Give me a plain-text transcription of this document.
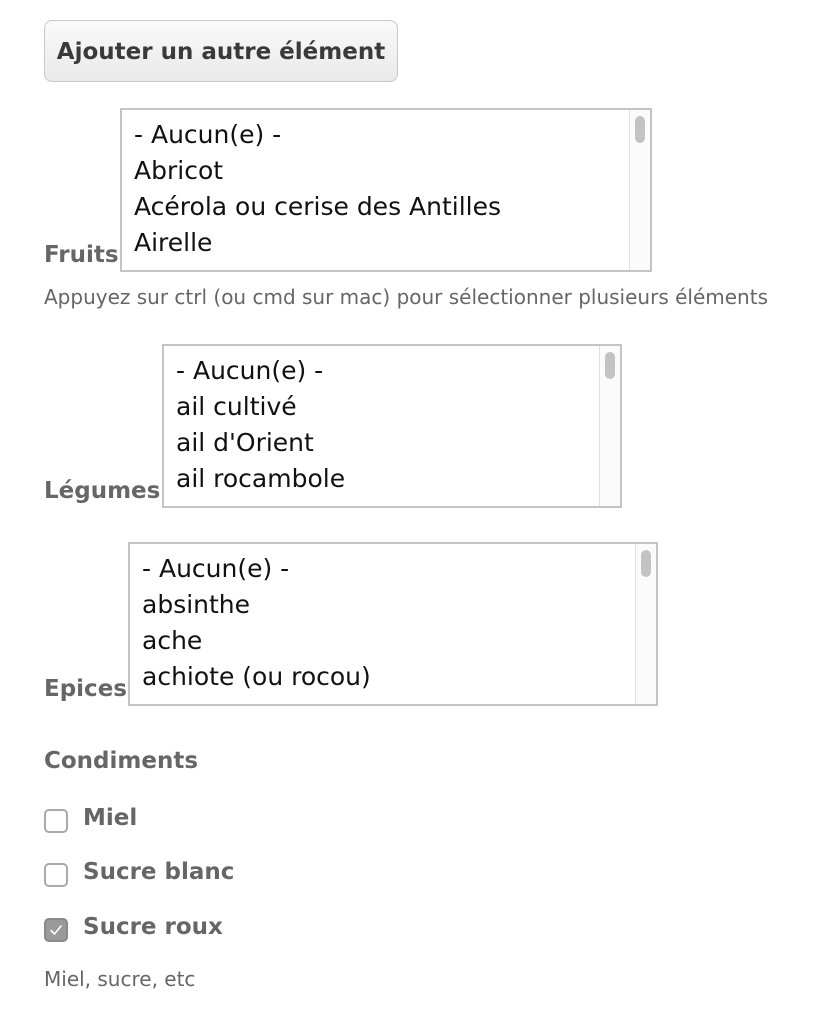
Ajouter un autre élément
Fruits
- Aucun(e) -
Abricot
Acérola ou cerise des Antilles
Airelle
Appuyez sur ctrl (ou cmd sur mac) pour sélectionner plusieurs éléments
Légumes
- Aucun(e) -
ail cultivé
ail d'Orient
ail rocambole
Epices
- Aucun(e) -
absinthe
ache
achiote (ou rocou)
Condiments
Miel
Sucre blanc
Sucre roux
Miel, sucre, etc
